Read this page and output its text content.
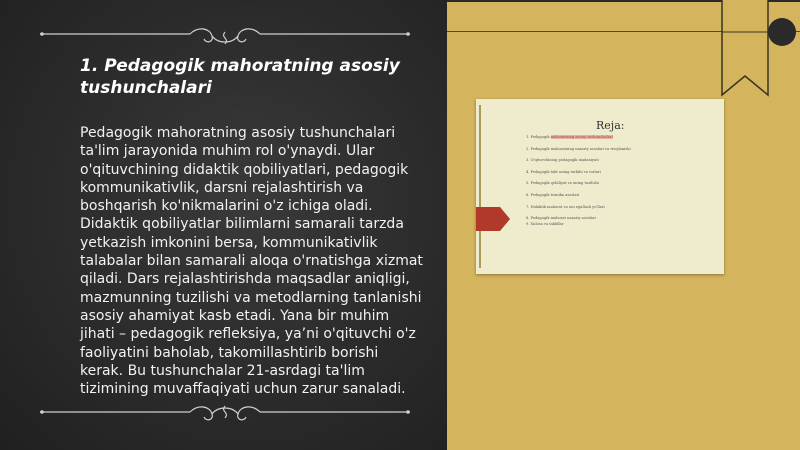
1. Pedagogik mahoratning asosiy tushunchalari

Pedagogik mahoratning asosiy tushunchalari ta'lim jarayonida muhim rol o'ynaydi. Ular o'qituvchining didaktik qobiliyatlari, pedagogik kommunikativlik, darsni rejalashtirish va boshqarish ko'nikmalarini o'z ichiga oladi. Didaktik qobiliyatlar bilimlarni samarali tarzda yetkazish imkonini bersa, kommunikativlik talabalar bilan samarali aloqa o'rnatishga xizmat qiladi. Dars rejalashtirishda maqsadlar aniqligi, mazmunning tuzilishi va metodlarning tanlanishi asosiy ahamiyat kasb etadi. Yana bir muhim jihati – pedagogik refleksiya, ya’ni o'qituvchi o'z faoliyatini baholab, takomillashtirib borishi kerak. Bu tushunchalar 21-asrdagi ta'lim tizimining muvaffaqiyati uchun zarur sanaladi.

Reja:

1. Pedagogik mahoratning asosiy tushunchalari
2. Pedagogik mahoratning nazariy asoslari va rivojlanishi
3. O'qituvchining pedagogik madaniyati
4. Pedagogik takt uning tarkibi va turlari
5. Pedagogik qobiliyat va uning tuzilishi
6. Pedagogik texnika asoslari
7. Didaktik mahorat va uni egallash yo'llari
8. Pedagogik mahorat nazariy asoslari
9. Xulosa va takliflar
